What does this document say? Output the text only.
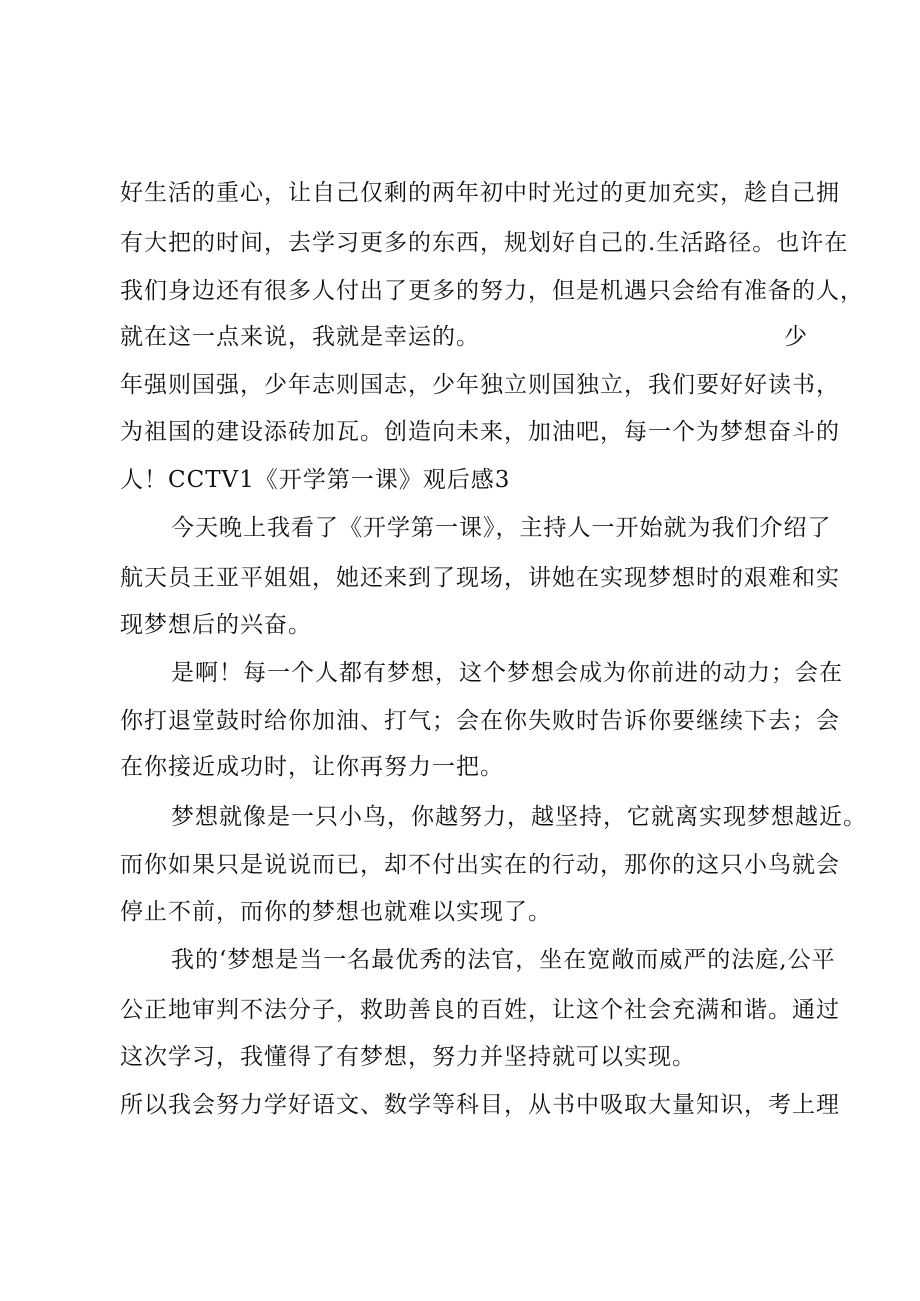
好生活的重心，让自己仅剩的两年初中时光过的更加充实，趁自己拥

有大把的时间，去学习更多的东西，规划好自己的.生活路径。也许在

我们身边还有很多人付出了更多的努力，但是机遇只会给有准备的人，

就在这一点来说，我就是幸运的。	少

年强则国强，少年志则国志，少年独立则国独立，我们要好好读书，

为祖国的建设添砖加瓦。创造向未来，加油吧，每一个为梦想奋斗的

人！CCTV1《开学第一课》观后感3

今天晚上我看了《开学第一课》，主持人一开始就为我们介绍了

航天员王亚平姐姐，她还来到了现场，讲她在实现梦想时的艰难和实

现梦想后的兴奋。

是啊！每一个人都有梦想，这个梦想会成为你前进的动力；会在

你打退堂鼓时给你加油、打气；会在你失败时告诉你要继续下去；会

在你接近成功时，让你再努力一把。

梦想就像是一只小鸟，你越努力，越坚持，它就离实现梦想越近。

而你如果只是说说而已，却不付出实在的行动，那你的这只小鸟就会

停止不前，而你的梦想也就难以实现了。

我的‘梦想是当一名最优秀的法官，坐在宽敞而威严的法庭,公平

公正地审判不法分子，救助善良的百姓，让这个社会充满和谐。通过

这次学习，我懂得了有梦想，努力并坚持就可以实现。

所以我会努力学好语文、数学等科目，从书中吸取大量知识，考上理
